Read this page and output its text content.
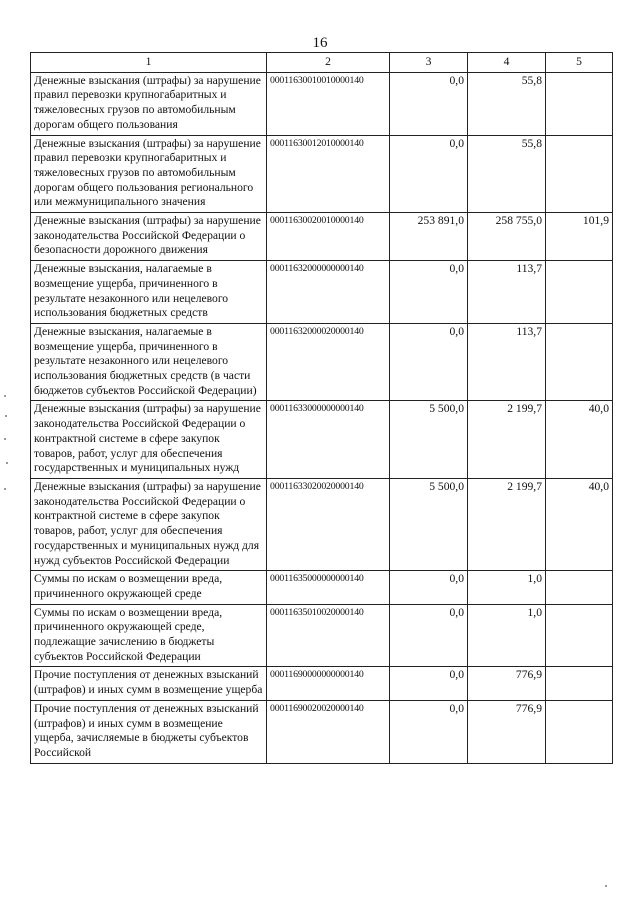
16
1	2	3	4	5
Денежные взыскания (штрафы) за нарушение правил перевозки крупногабаритных и тяжеловесных грузов по автомобильным дорогам общего пользования	00011630010010000140	0,0	55,8	
Денежные взыскания (штрафы) за нарушение правил перевозки крупногабаритных и тяжеловесных грузов по автомобильным дорогам общего пользования регионального или межмуниципального значения	00011630012010000140	0,0	55,8	
Денежные взыскания (штрафы) за нарушение законодательства Российской Федерации о безопасности дорожного движения	00011630020010000140	253 891,0	258 755,0	101,9
Денежные взыскания, налагаемые в возмещение ущерба, причиненного в результате незаконного или нецелевого использования бюджетных средств	00011632000000000140	0,0	113,7	
Денежные взыскания, налагаемые в возмещение ущерба, причиненного в результате незаконного или нецелевого использования бюджетных средств (в части бюджетов субъектов Российской Федерации)	00011632000020000140	0,0	113,7	
Денежные взыскания (штрафы) за нарушение законодательства Российской Федерации о контрактной системе в сфере закупок товаров, работ, услуг для обеспечения государственных и муниципальных нужд	00011633000000000140	5 500,0	2 199,7	40,0
Денежные взыскания (штрафы) за нарушение законодательства Российской Федерации о контрактной системе в сфере закупок товаров, работ, услуг для обеспечения государственных и муниципальных нужд для нужд субъектов Российской Федерации	00011633020020000140	5 500,0	2 199,7	40,0
Суммы по искам о возмещении вреда, причиненного окружающей среде	00011635000000000140	0,0	1,0	
Суммы по искам о возмещении вреда, причиненного окружающей среде, подлежащие зачислению в бюджеты субъектов Российской Федерации	00011635010020000140	0,0	1,0	
Прочие поступления от денежных взысканий (штрафов) и иных сумм в возмещение ущерба	00011690000000000140	0,0	776,9	
Прочие поступления от денежных взысканий (штрафов) и иных сумм в возмещение ущерба, зачисляемые в бюджеты субъектов Российской	00011690020020000140	0,0	776,9	
